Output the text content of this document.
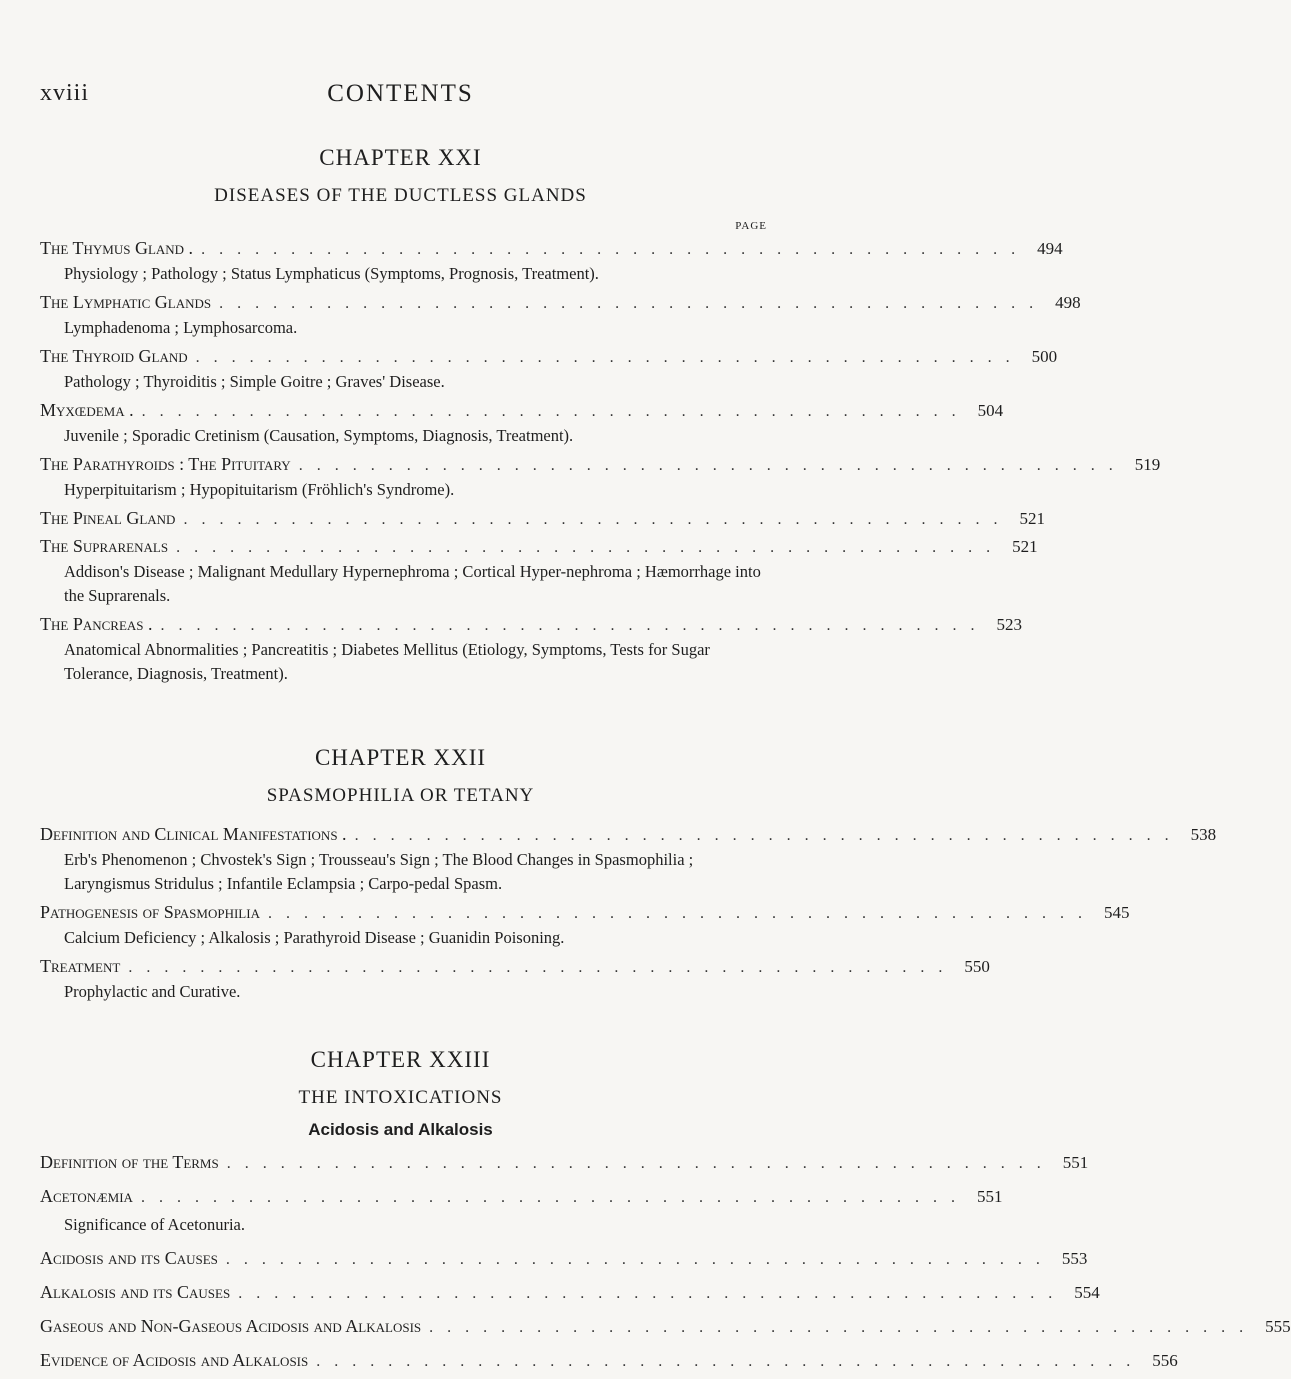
xviii	CONTENTS
CHAPTER XXI
DISEASES OF THE DUCTLESS GLANDS
PAGE
The Thymus Gland . .............................................. 494
Physiology ; Pathology ; Status Lymphaticus (Symptoms, Prognosis, Treatment).
The Lymphatic Glands .............................................. 498
Lymphadenoma ; Lymphosarcoma.
The Thyroid Gland .............................................. 500
Pathology ; Thyroiditis ; Simple Goitre ; Graves' Disease.
Myxœdema . .............................................. 504
Juvenile ; Sporadic Cretinism (Causation, Symptoms, Diagnosis, Treatment).
The Parathyroids : The Pituitary .............................................. 519
Hyperpituitarism ; Hypopituitarism (Fröhlich's Syndrome).
The Pineal Gland .............................................. 521
The Suprarenals .............................................. 521
Addison's Disease ; Malignant Medullary Hypernephroma ; Cortical Hyper-nephroma ; Hæmorrhage into the Suprarenals.
The Pancreas . .............................................. 523
Anatomical Abnormalities ; Pancreatitis ; Diabetes Mellitus (Etiology, Symptoms, Tests for Sugar Tolerance, Diagnosis, Treatment).
CHAPTER XXII
SPASMOPHILIA OR TETANY
Definition and Clinical Manifestations . .............................................. 538
Erb's Phenomenon ; Chvostek's Sign ; Trousseau's Sign ; The Blood Changes in Spasmophilia ; Laryngismus Stridulus ; Infantile Eclampsia ; Carpo-pedal Spasm.
Pathogenesis of Spasmophilia .............................................. 545
Calcium Deficiency ; Alkalosis ; Parathyroid Disease ; Guanidin Poisoning.
Treatment .............................................. 550
Prophylactic and Curative.
CHAPTER XXIII
THE INTOXICATIONS
Acidosis and Alkalosis
Definition of the Terms .............................................. 551
Acetonæmia .............................................. 551
Significance of Acetonuria.
Acidosis and its Causes .............................................. 553
Alkalosis and its Causes .............................................. 554
Gaseous and Non-Gaseous Acidosis and Alkalosis .............................................. 555
Evidence of Acidosis and Alkalosis .............................................. 556
